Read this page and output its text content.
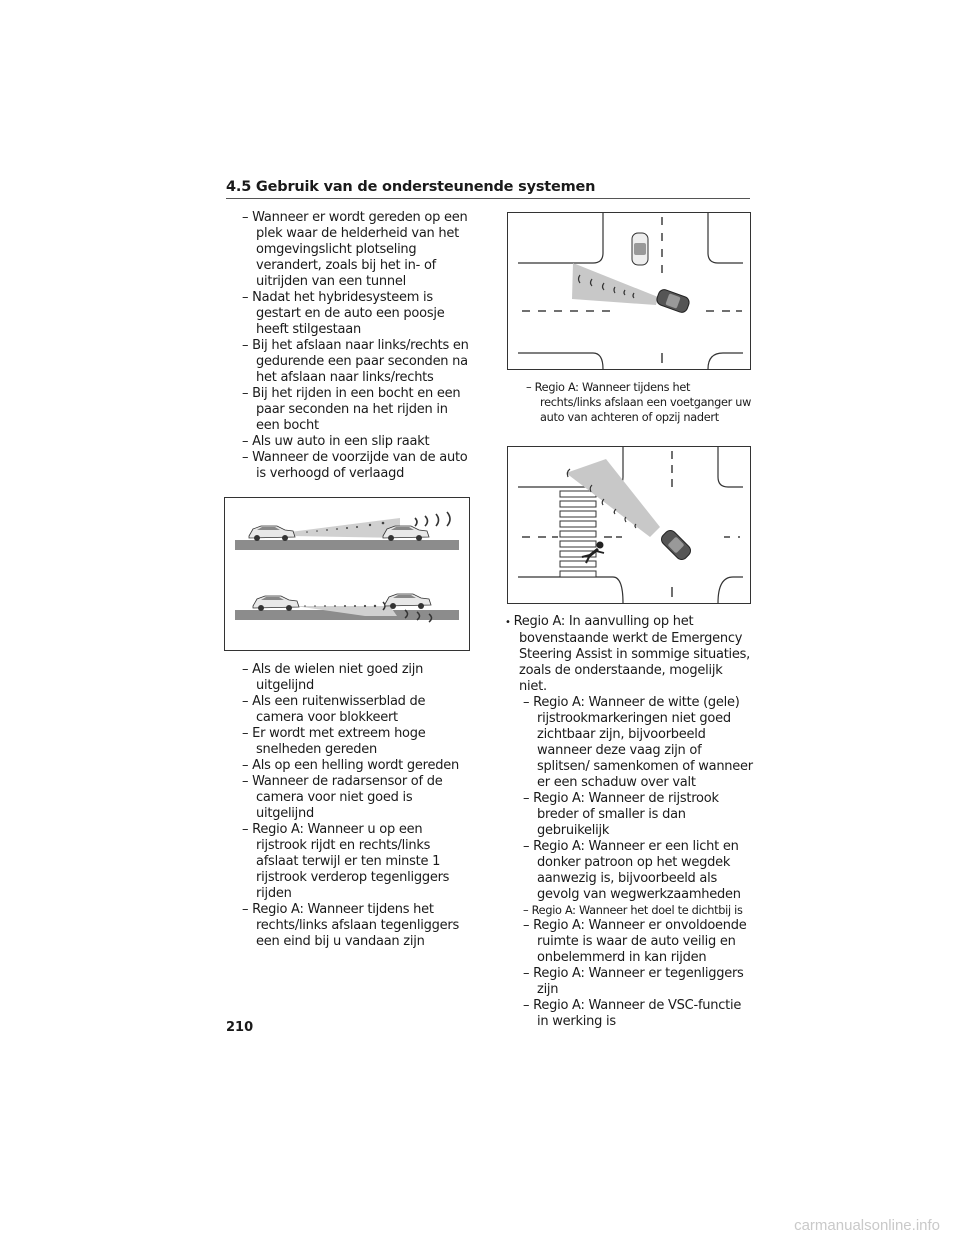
4.5 Gebruik van de ondersteunende systemen
– Wanneer er wordt gereden op een plek waar de helderheid van het omgevingslicht plotseling verandert, zoals bij het in- of uitrijden van een tunnel
– Nadat het hybridesysteem is gestart en de auto een poosje heeft stilgestaan
– Bij het afslaan naar links/rechts en gedurende een paar seconden na het afslaan naar links/rechts
– Bij het rijden in een bocht en een paar seconden na het rijden in een bocht
– Als uw auto in een slip raakt
– Wanneer de voorzijde van de auto is verhoogd of verlaagd
– Als de wielen niet goed zijn uitgelijnd
– Als een ruitenwisserblad de camera voor blokkeert
– Er wordt met extreem hoge snelheden gereden
– Als op een helling wordt gereden
– Wanneer de radarsensor of de camera voor niet goed is uitgelijnd
– Regio A: Wanneer u op een rijstrook rijdt en rechts/links afslaat terwijl er ten minste 1 rijstrook verderop tegenliggers rijden
– Regio A: Wanneer tijdens het rechts/links afslaan tegenliggers een eind bij u vandaan zijn
– Regio A: Wanneer tijdens het rechts/links afslaan een voetganger uw auto van achteren of opzij nadert
• Regio A: In aanvulling op het bovenstaande werkt de Emergency Steering Assist in sommige situaties, zoals de onderstaande, mogelijk niet.
– Regio A: Wanneer de witte (gele) rijstrookmarkeringen niet goed zichtbaar zijn, bijvoorbeeld wanneer deze vaag zijn of splitsen/ samenkomen of wanneer er een schaduw over valt
– Regio A: Wanneer de rijstrook breder of smaller is dan gebruikelijk
– Regio A: Wanneer er een licht en donker patroon op het wegdek aanwezig is, bijvoorbeeld als gevolg van wegwerkzaamheden
– Regio A: Wanneer het doel te dichtbij is
– Regio A: Wanneer er onvoldoende ruimte is waar de auto veilig en onbelemmerd in kan rijden
– Regio A: Wanneer er tegenliggers zijn
– Regio A: Wanneer de VSC-functie in werking is
210
carmanualsonline.info
